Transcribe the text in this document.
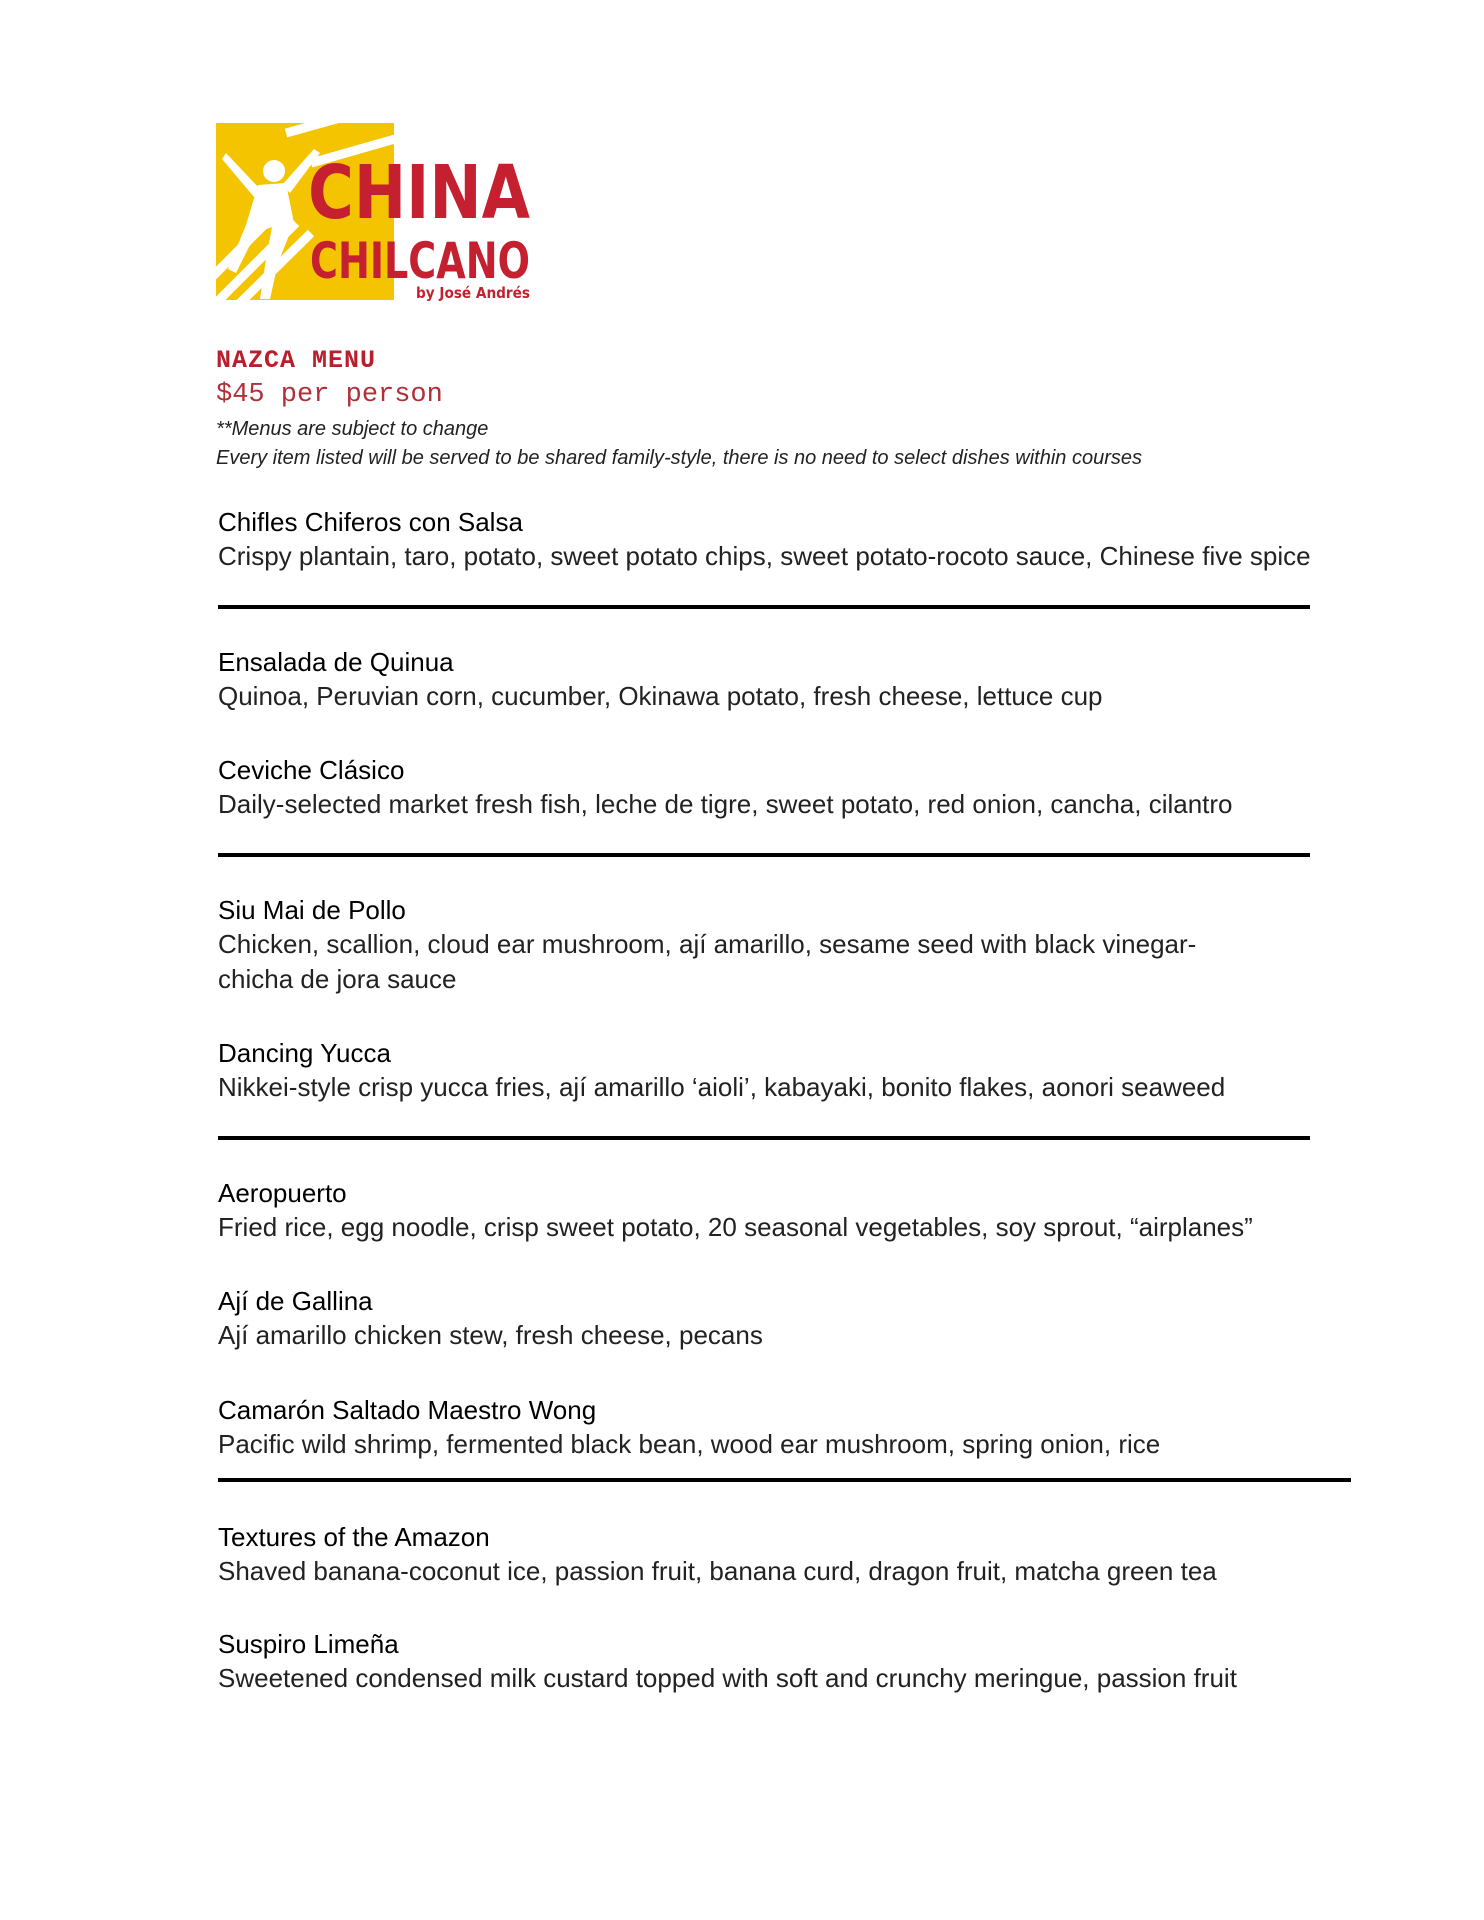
CHINA
CHILCANO
by José Andrés
NAZCA MENU
$45 per person
**Menus are subject to change
Every item listed will be served to be shared family-style, there is no need to select dishes within courses
Chifles Chiferos con Salsa
Crispy plantain, taro, potato, sweet potato chips, sweet potato-rocoto sauce, Chinese five spice
Ensalada de Quinua
Quinoa, Peruvian corn, cucumber, Okinawa potato, fresh cheese, lettuce cup
Ceviche Clásico
Daily-selected market fresh fish, leche de tigre, sweet potato, red onion, cancha, cilantro
Siu Mai de Pollo
Chicken, scallion, cloud ear mushroom, ají amarillo, sesame seed with black vinegar-chicha de jora sauce
Dancing Yucca
Nikkei-style crisp yucca fries, ají amarillo ‘aioli’, kabayaki, bonito flakes, aonori seaweed
Aeropuerto
Fried rice, egg noodle, crisp sweet potato, 20 seasonal vegetables, soy sprout, “airplanes”
Ají de Gallina
Ají amarillo chicken stew, fresh cheese, pecans
Camarón Saltado Maestro Wong
Pacific wild shrimp, fermented black bean, wood ear mushroom, spring onion, rice
Textures of the Amazon
Shaved banana-coconut ice, passion fruit, banana curd, dragon fruit, matcha green tea
Suspiro Limeña
Sweetened condensed milk custard topped with soft and crunchy meringue, passion fruit
